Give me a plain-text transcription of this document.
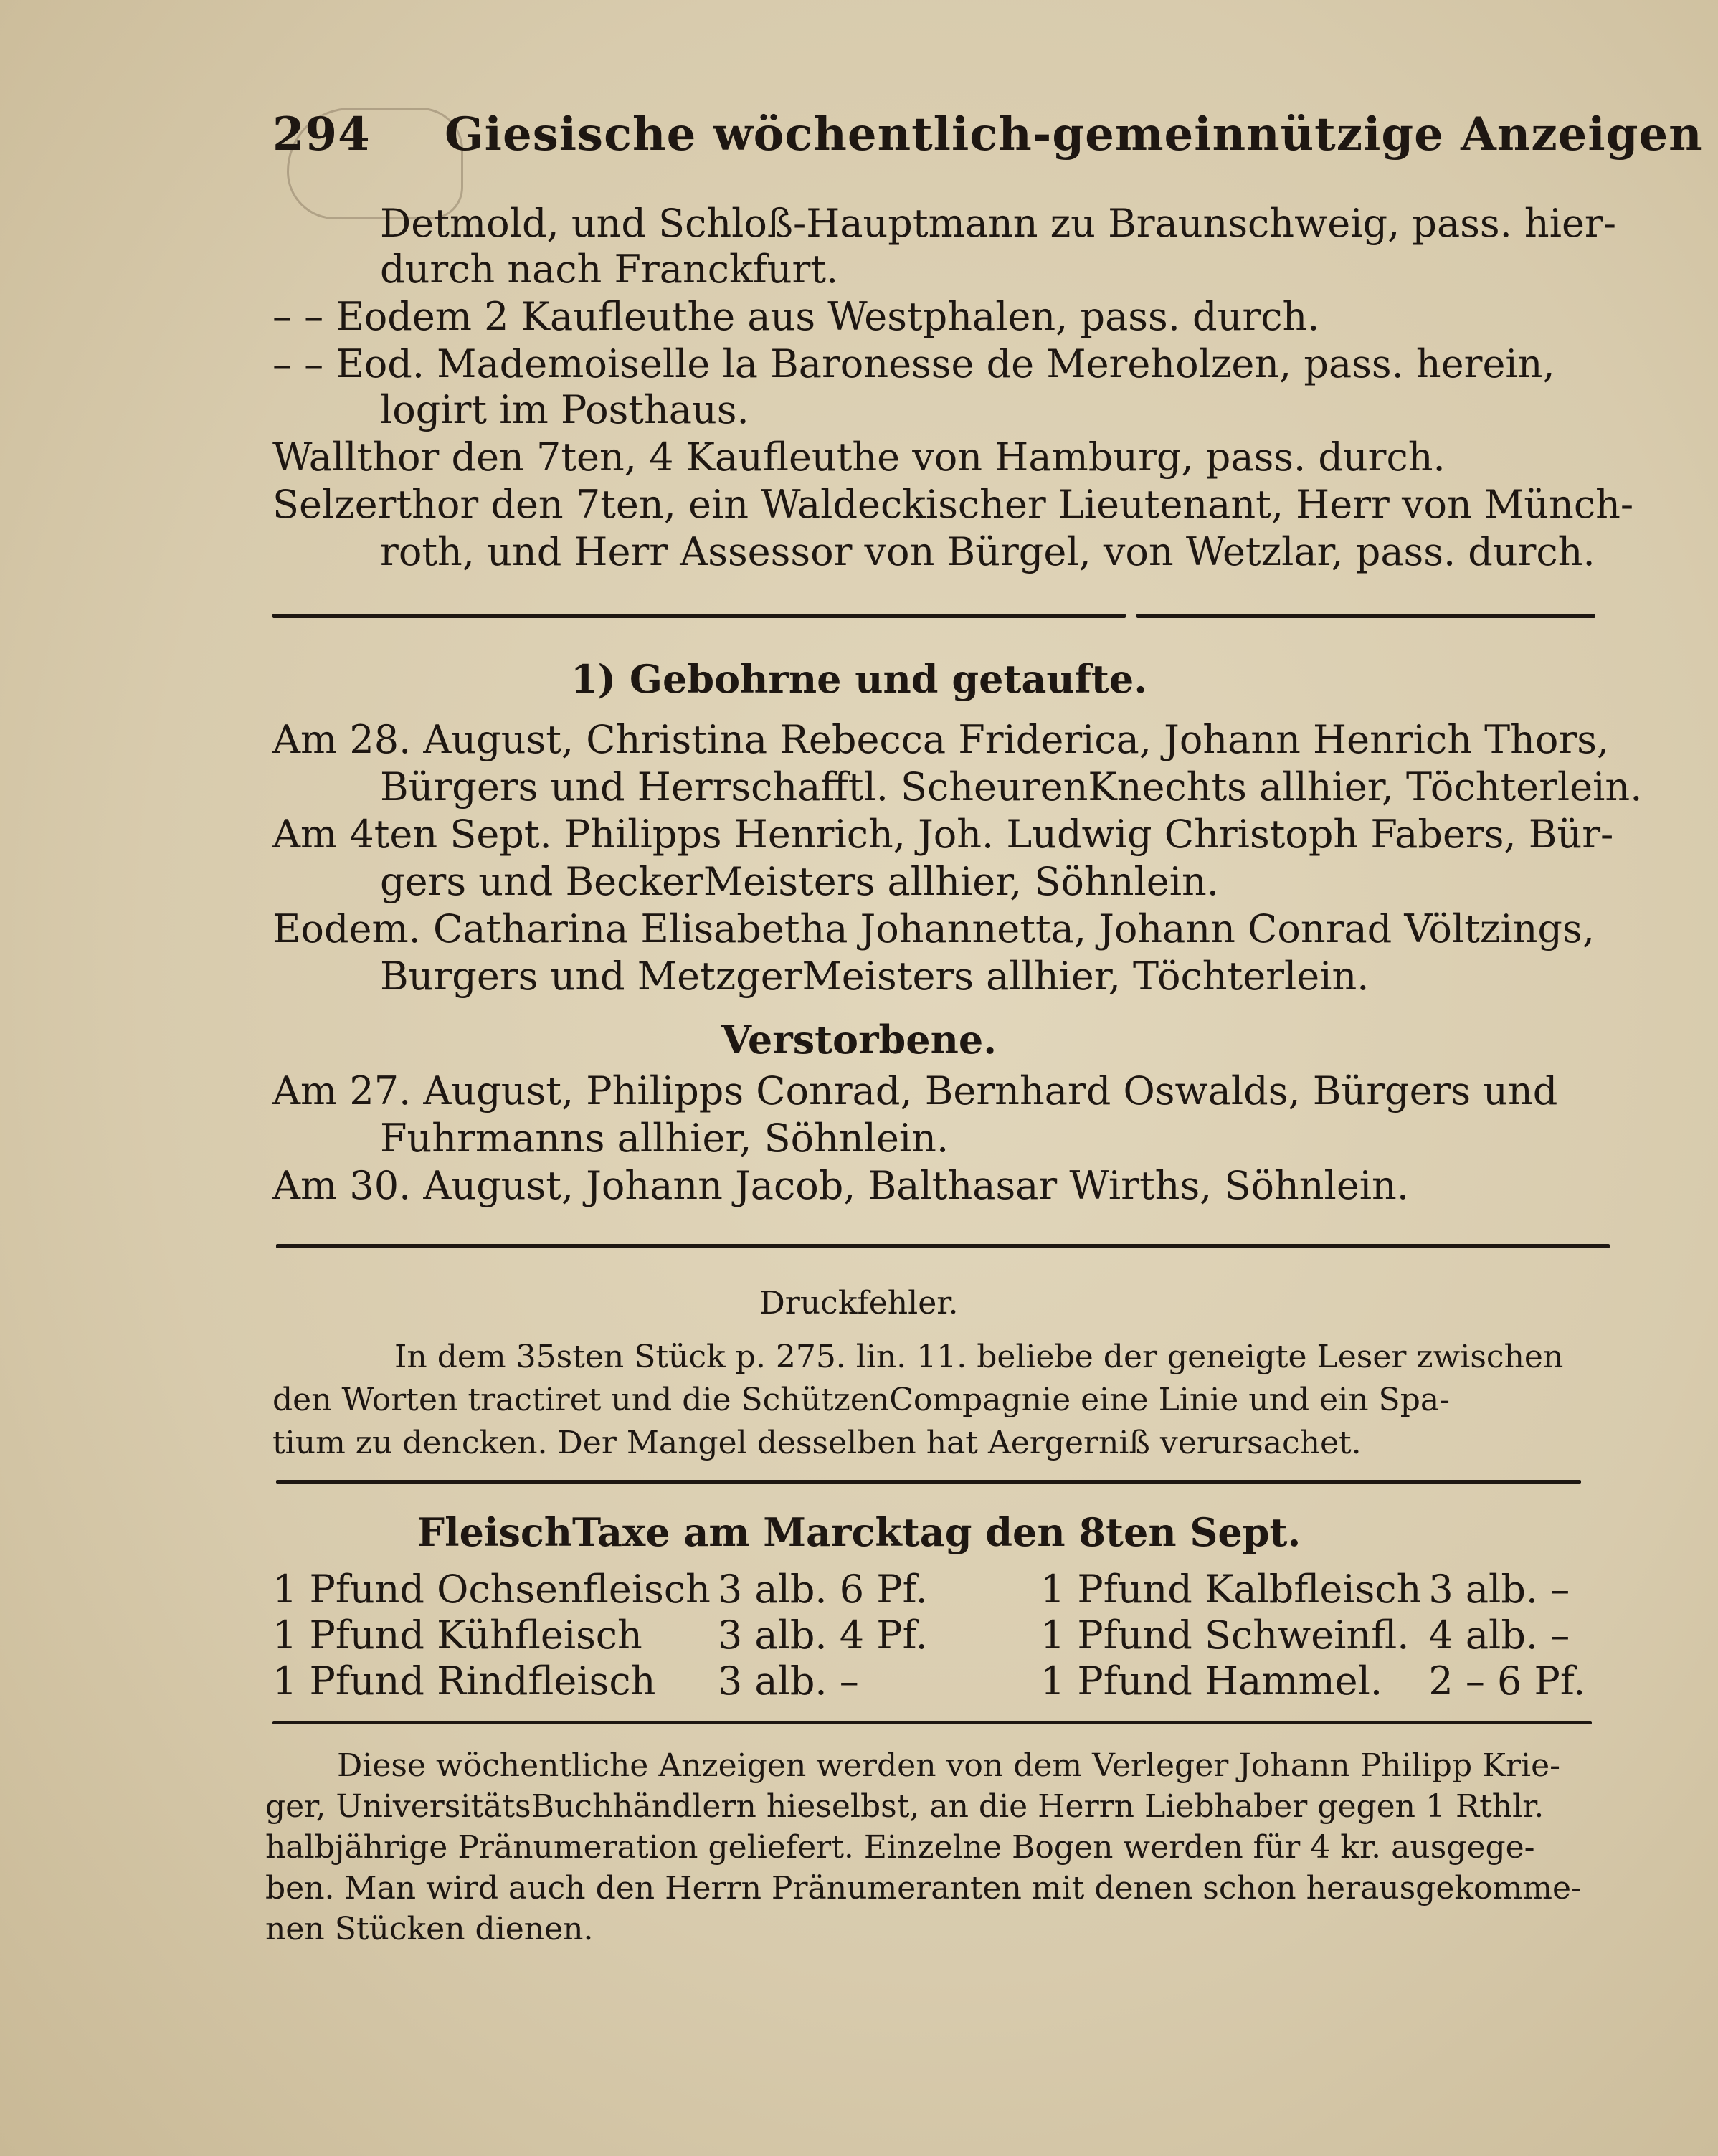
294 Giesische wöchentlich-gemeinnützige Anzeigen
Detmold, und Schloß-Hauptmann zu Braunschweig, pass. hier-
durch nach Franckfurt.
– – Eodem 2 Kaufleuthe aus Westphalen, pass. durch.
– – Eod. Mademoiselle la Baronesse de Mereholzen, pass. herein,
logirt im Posthaus.
Wallthor den 7ten, 4 Kaufleuthe von Hamburg, pass. durch.
Selzerthor den 7ten, ein Waldeckischer Lieutenant, Herr von Münch-
roth, und Herr Assessor von Bürgel, von Wetzlar, pass. durch.
1) Gebohrne und getaufte.
Am 28. August, Christina Rebecca Friderica, Johann Henrich Thors,
Bürgers und Herrschafftl. ScheurenKnechts allhier, Töchterlein.
Am 4ten Sept. Philipps Henrich, Joh. Ludwig Christoph Fabers, Bür-
gers und BeckerMeisters allhier, Söhnlein.
Eodem. Catharina Elisabetha Johannetta, Johann Conrad Völtzings,
Burgers und MetzgerMeisters allhier, Töchterlein.
Verstorbene.
Am 27. August, Philipps Conrad, Bernhard Oswalds, Bürgers und
Fuhrmanns allhier, Söhnlein.
Am 30. August, Johann Jacob, Balthasar Wirths, Söhnlein.
Druckfehler.
In dem 35sten Stück p. 275. lin. 11. beliebe der geneigte Leser zwischen
den Worten tractiret und die SchützenCompagnie eine Linie und ein Spa-
tium zu dencken. Der Mangel desselben hat Aergerniß verursachet.
FleischTaxe am Marcktag den 8ten Sept.
1 Pfund Ochsenfleisch	3 alb. 6 Pf.	1 Pfund Kalbfleisch	3 alb. –
1 Pfund Kühfleisch	3 alb. 4 Pf.	1 Pfund Schweinfl.	4 alb. –
1 Pfund Rindfleisch	3 alb. –	1 Pfund Hammel.	2 – 6 Pf.
Diese wöchentliche Anzeigen werden von dem Verleger Johann Philipp Krie-
ger, UniversitätsBuchhändlern hieselbst, an die Herrn Liebhaber gegen 1 Rthlr.
halbjährige Pränumeration geliefert. Einzelne Bogen werden für 4 kr. ausgege-
ben. Man wird auch den Herrn Pränumeranten mit denen schon herausgekomme-
nen Stücken dienen.
